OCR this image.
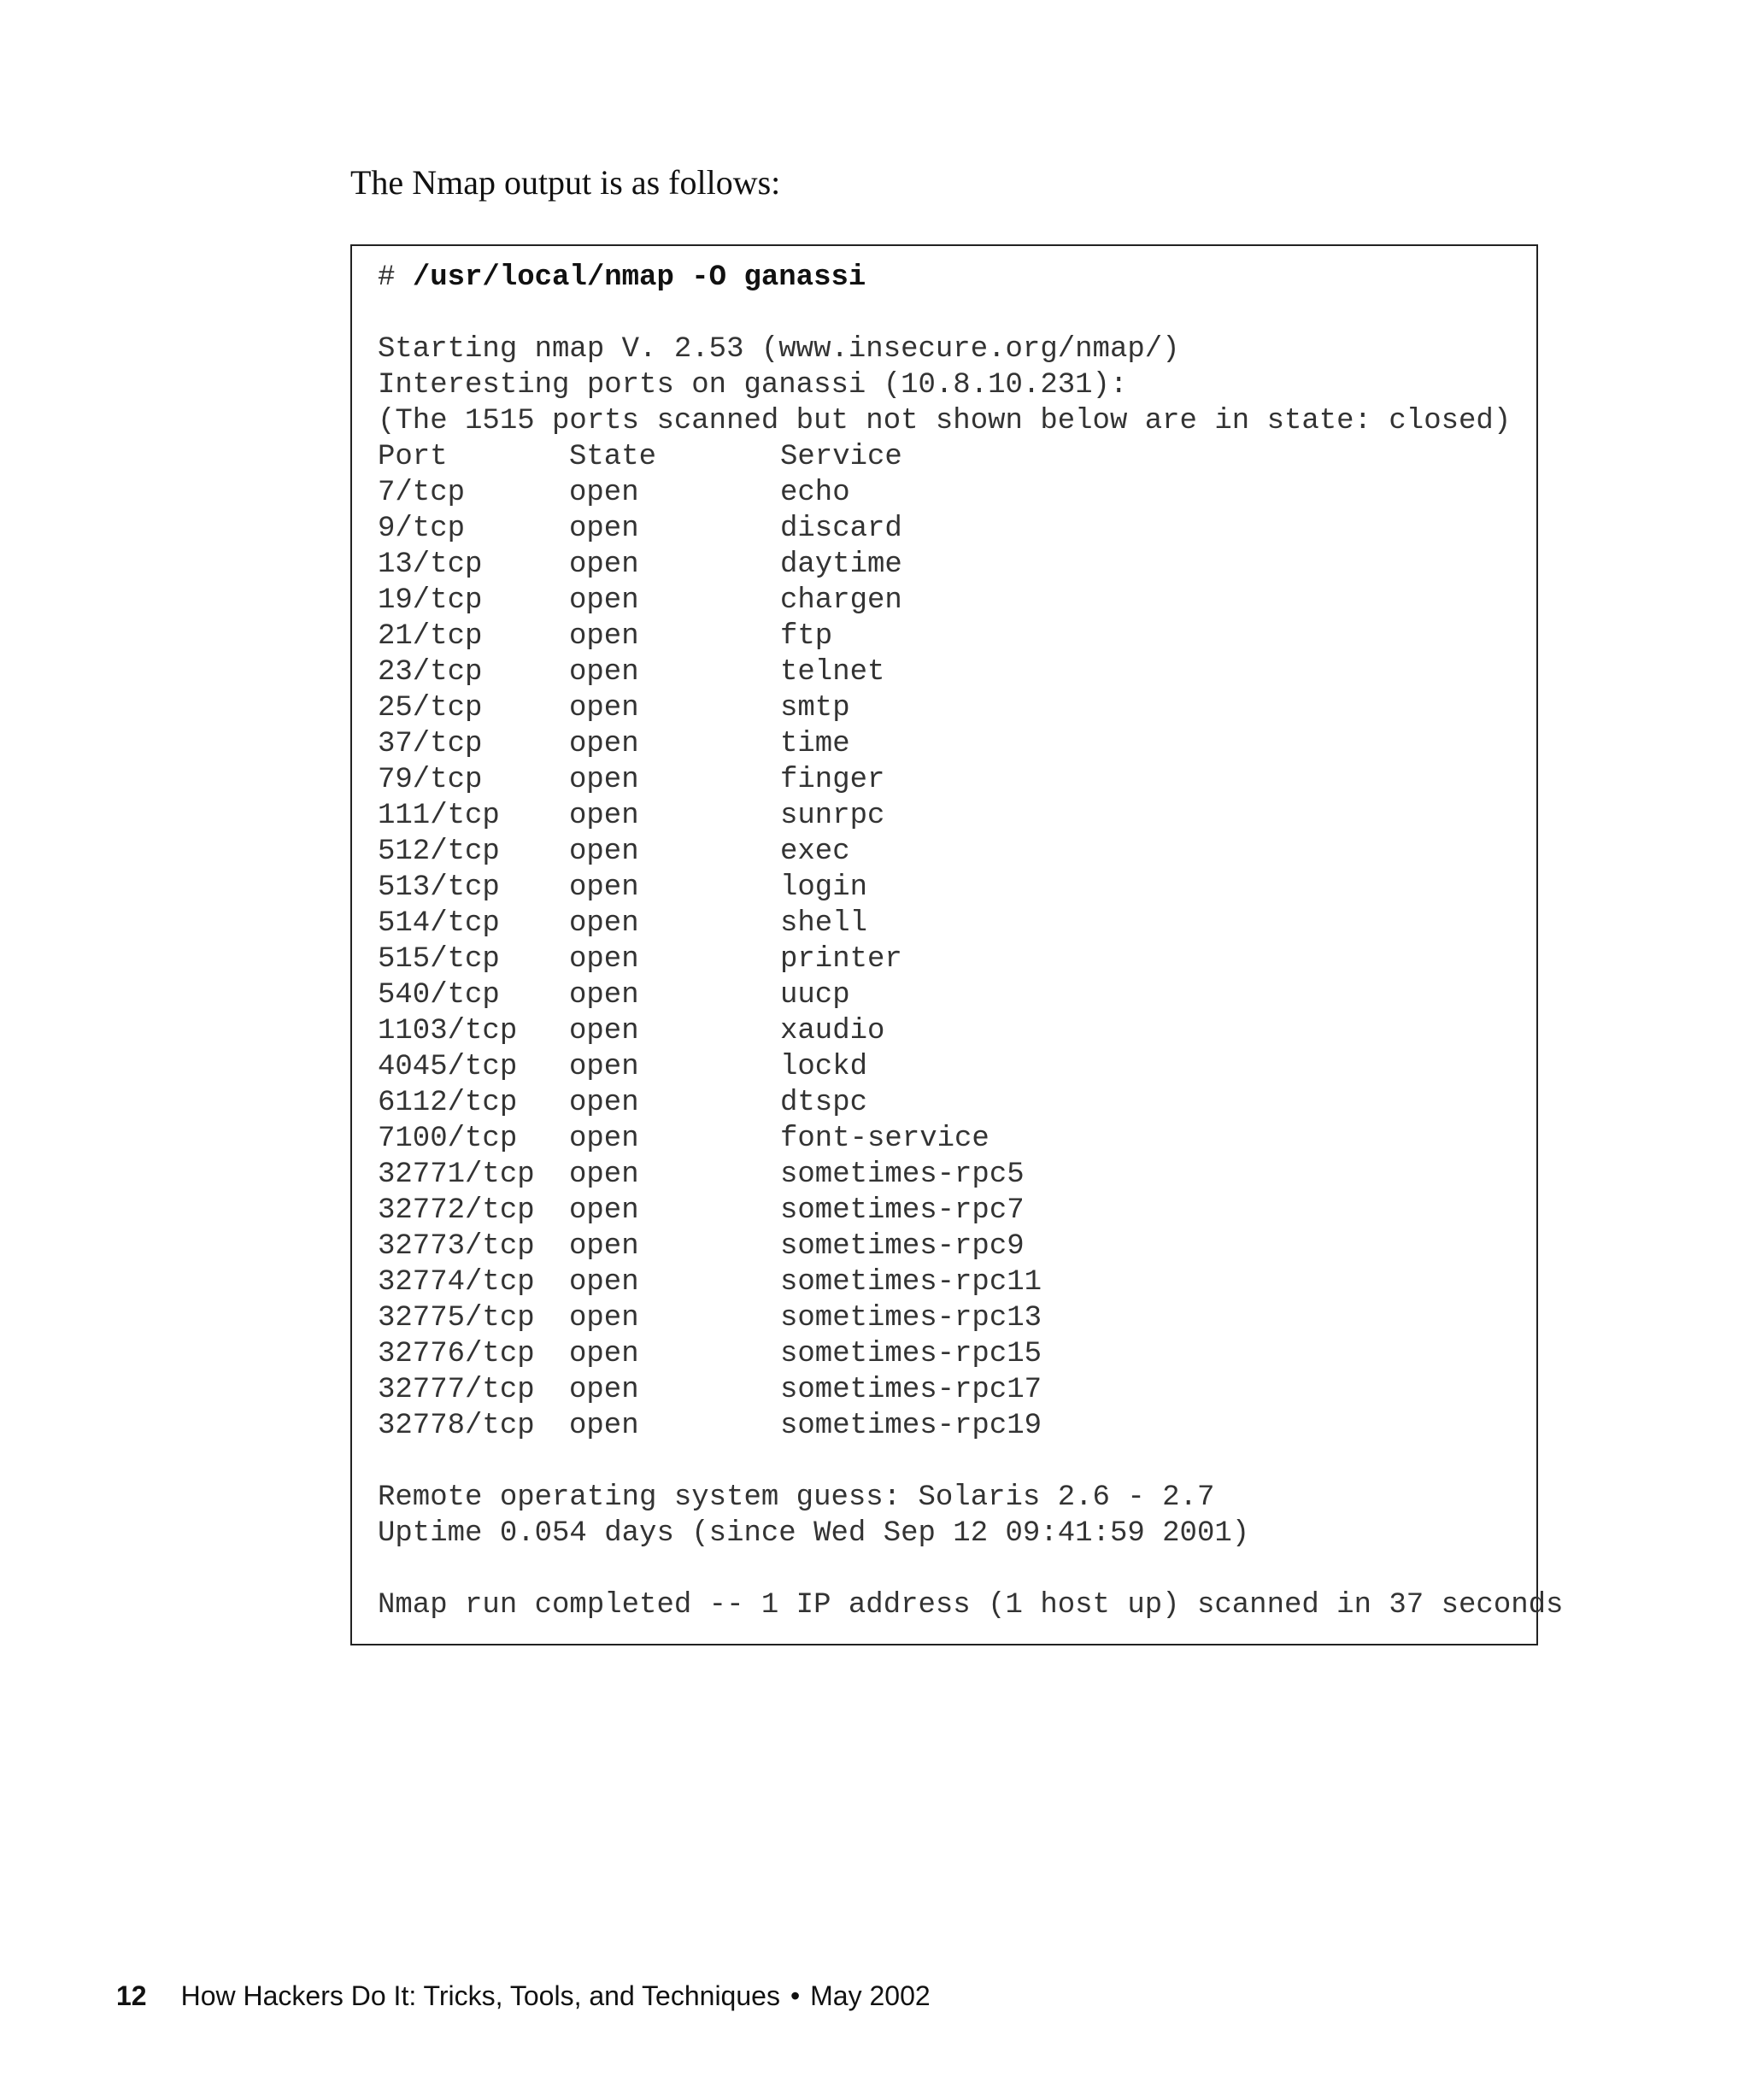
The Nmap output is as follows:

# /usr/local/nmap -O ganassi
Starting nmap V. 2.53 (www.insecure.org/nmap/)
Interesting ports on ganassi (10.8.10.231):
(The 1515 ports scanned but not shown below are in state: closed)
Port	State	Service
7/tcp	open	echo
9/tcp	open	discard
13/tcp	open	daytime
19/tcp	open	chargen
21/tcp	open	ftp
23/tcp	open	telnet
25/tcp	open	smtp
37/tcp	open	time
79/tcp	open	finger
111/tcp open	sunrpc
512/tcp open	exec
513/tcp open	login
514/tcp open	shell
515/tcp open	printer
540/tcp open	uucp
1103/tcp open	xaudio
4045/tcp open	lockd
6112/tcp open	dtspc
7100/tcp open	font-service
32771/tcp open	sometimes-rpc5
32772/tcp open	sometimes-rpc7
32773/tcp open	sometimes-rpc9
32774/tcp open	sometimes-rpc11
32775/tcp open	sometimes-rpc13
32776/tcp open	sometimes-rpc15
32777/tcp open	sometimes-rpc17
32778/tcp open	sometimes-rpc19
Remote operating system guess: Solaris 2.6 - 2.7
Uptime 0.054 days (since Wed Sep 12 09:41:59 2001)
Nmap run completed -- 1 IP address (1 host up) scanned in 37 seconds
12 How Hackers Do It: Tricks, Tools, and Techniques • May 2002
